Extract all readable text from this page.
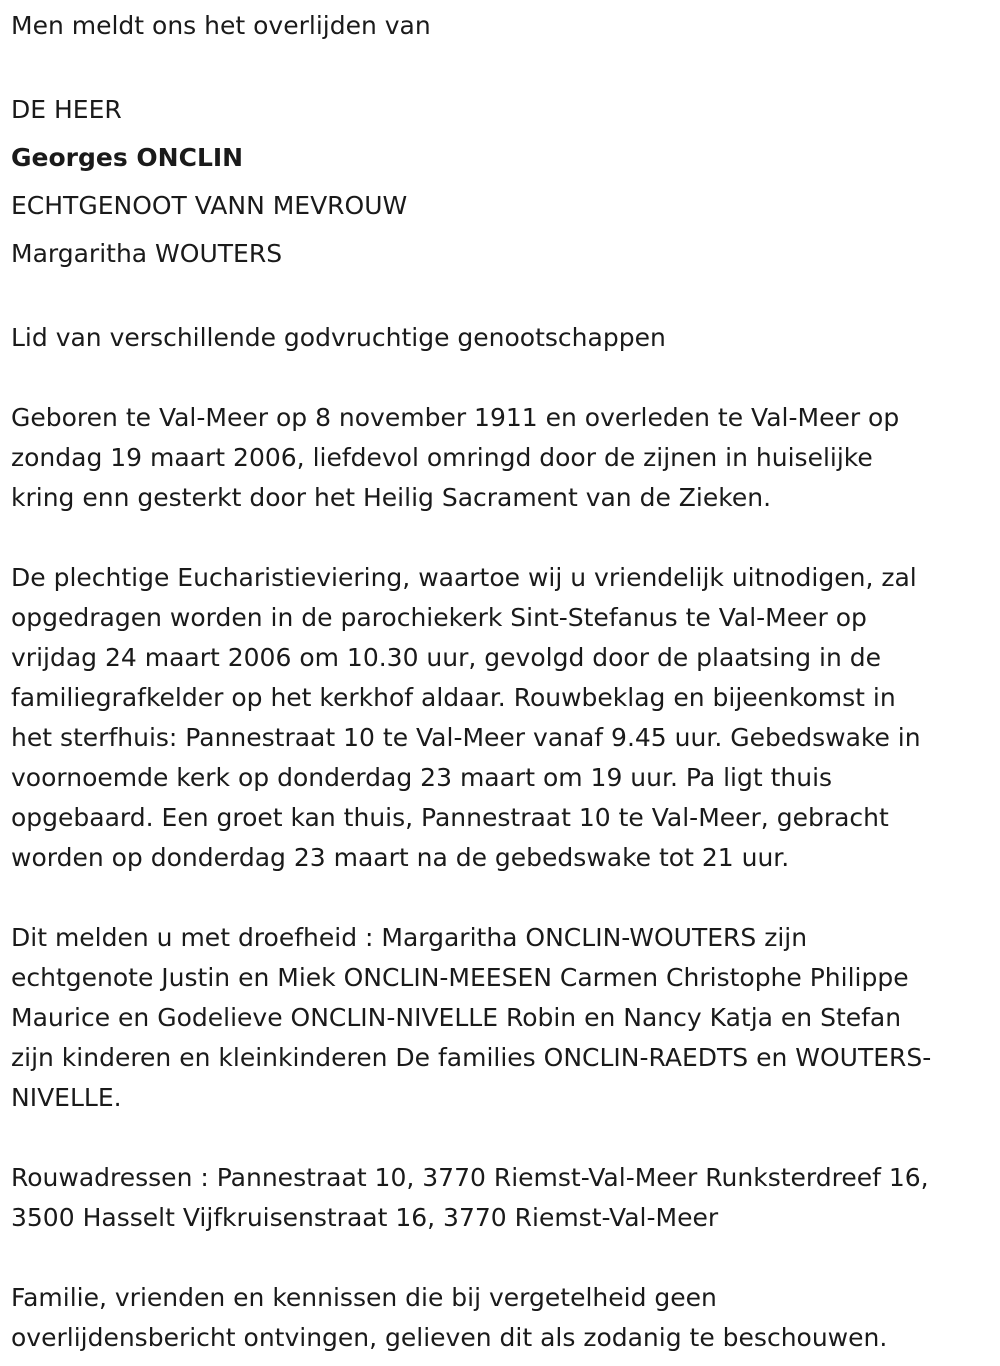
Men meldt ons het overlijden van
DE HEER
Georges ONCLIN
ECHTGENOOT VANN MEVROUW
Margaritha WOUTERS
Lid van verschillende godvruchtige genootschappen

Geboren te Val-Meer op 8 november 1911 en overleden te Val-Meer op
zondag 19 maart 2006, liefdevol omringd door de zijnen in huiselijke
kring enn gesterkt door het Heilig Sacrament van de Zieken.

De plechtige Eucharistieviering, waartoe wij u vriendelijk uitnodigen, zal
opgedragen worden in de parochiekerk Sint-Stefanus te Val-Meer op
vrijdag 24 maart 2006 om 10.30 uur, gevolgd door de plaatsing in de
familiegrafkelder op het kerkhof aldaar. Rouwbeklag en bijeenkomst in
het sterfhuis: Pannestraat 10 te Val-Meer vanaf 9.45 uur. Gebedswake in
voornoemde kerk op donderdag 23 maart om 19 uur. Pa ligt thuis
opgebaard. Een groet kan thuis, Pannestraat 10 te Val-Meer, gebracht
worden op donderdag 23 maart na de gebedswake tot 21 uur.

Dit melden u met droefheid : Margaritha ONCLIN-WOUTERS zijn
echtgenote Justin en Miek ONCLIN-MEESEN Carmen Christophe Philippe
Maurice en Godelieve ONCLIN-NIVELLE Robin en Nancy Katja en Stefan
zijn kinderen en kleinkinderen De families ONCLIN-RAEDTS en WOUTERS-
NIVELLE.

Rouwadressen : Pannestraat 10, 3770 Riemst-Val-Meer Runksterdreef 16,
3500 Hasselt Vijfkruisenstraat 16, 3770 Riemst-Val-Meer

Familie, vrienden en kennissen die bij vergetelheid geen
overlijdensbericht ontvingen, gelieven dit als zodanig te beschouwen.
